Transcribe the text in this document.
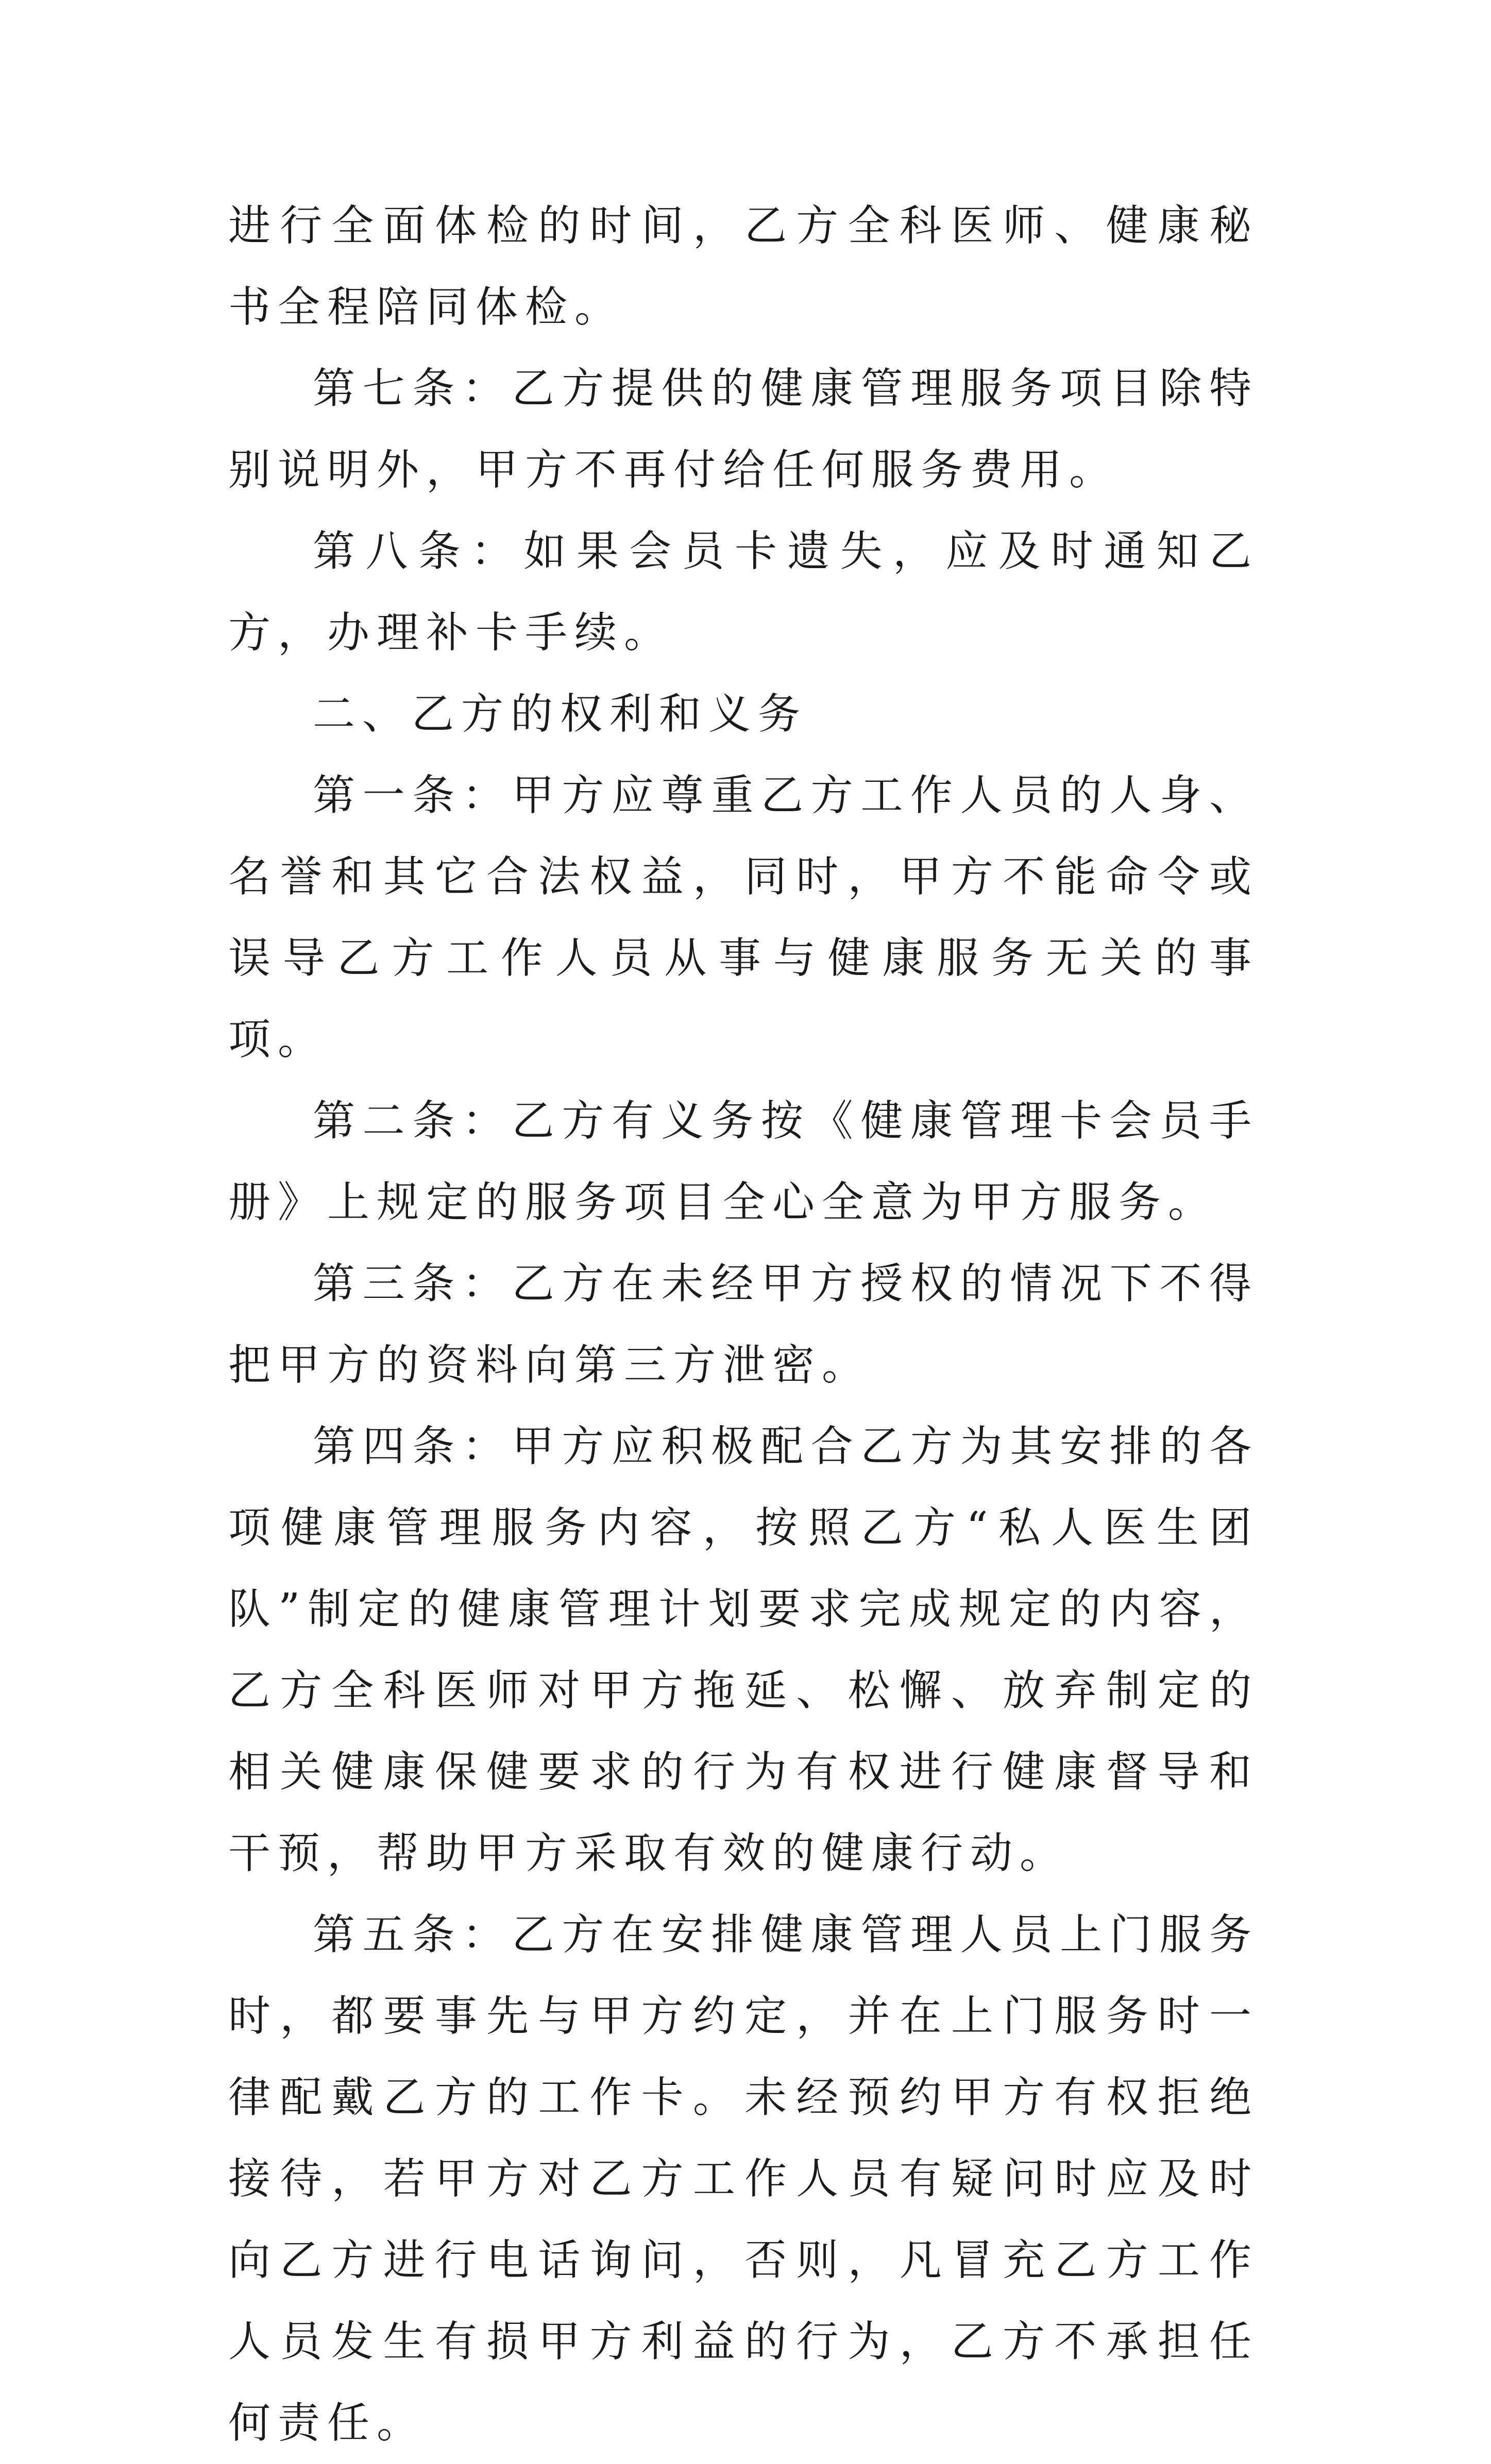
进行全面体检的时间，乙方全科医师、健康秘书全程陪同体检。

第七条：乙方提供的健康管理服务项目除特别说明外，甲方不再付给任何服务费用。

第八条：如果会员卡遗失，应及时通知乙方，办理补卡手续。

二、乙方的权利和义务

第一条：甲方应尊重乙方工作人员的人身、名誉和其它合法权益，同时，甲方不能命令或误导乙方工作人员从事与健康服务无关的事项。

第二条：乙方有义务按《健康管理卡会员手册》上规定的服务项目全心全意为甲方服务。

第三条：乙方在未经甲方授权的情况下不得把甲方的资料向第三方泄密。

第四条：甲方应积极配合乙方为其安排的各项健康管理服务内容，按照乙方“私人医生团队”制定的健康管理计划要求完成规定的内容，乙方全科医师对甲方拖延、松懈、放弃制定的相关健康保健要求的行为有权进行健康督导和干预，帮助甲方采取有效的健康行动。

第五条：乙方在安排健康管理人员上门服务时，都要事先与甲方约定，并在上门服务时一律配戴乙方的工作卡。未经预约甲方有权拒绝接待，若甲方对乙方工作人员有疑问时应及时向乙方进行电话询问，否则，凡冒充乙方工作人员发生有损甲方利益的行为，乙方不承担任何责任。
